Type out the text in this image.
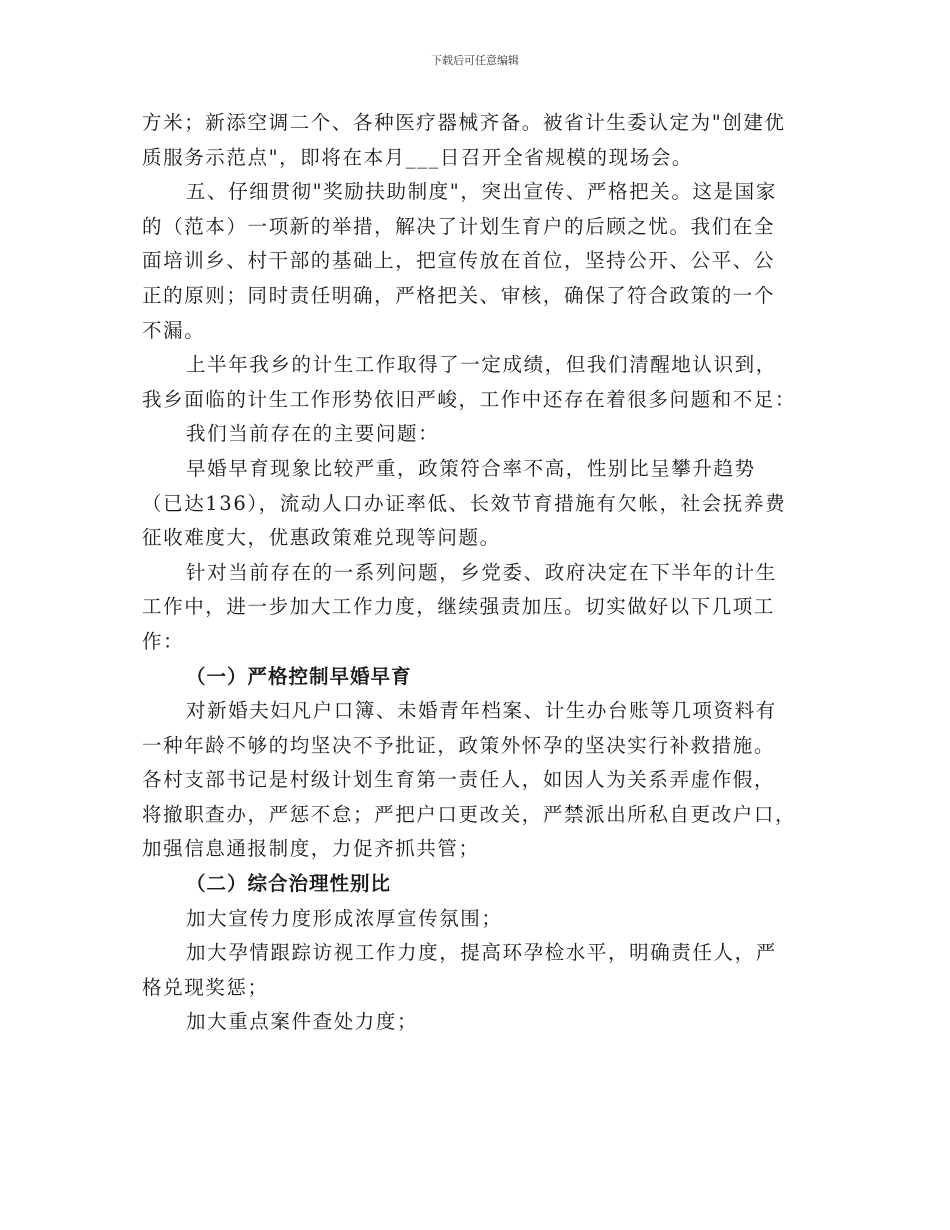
下载后可任意编辑

方米；新添空调二个、各种医疗器械齐备。被省计生委认定为"创建优
质服务示范点"，即将在本月___日召开全省规模的现场会。

五、仔细贯彻"奖励扶助制度"，突出宣传、严格把关。这是国家
的（范本）一项新的举措，解决了计划生育户的后顾之忧。我们在全
面培训乡、村干部的基础上，把宣传放在首位，坚持公开、公平、公
正的原则；同时责任明确，严格把关、审核，确保了符合政策的一个
不漏。

上半年我乡的计生工作取得了一定成绩，但我们清醒地认识到，
我乡面临的计生工作形势依旧严峻，工作中还存在着很多问题和不足：

我们当前存在的主要问题：

早婚早育现象比较严重，政策符合率不高，性别比呈攀升趋势
（已达136），流动人口办证率低、长效节育措施有欠帐，社会抚养费
征收难度大，优惠政策难兑现等问题。

针对当前存在的一系列问题，乡党委、政府决定在下半年的计生
工作中，进一步加大工作力度，继续强责加压。切实做好以下几项工
作：

（一）严格控制早婚早育

对新婚夫妇凡户口簿、未婚青年档案、计生办台账等几项资料有
一种年龄不够的均坚决不予批证，政策外怀孕的坚决实行补救措施。
各村支部书记是村级计划生育第一责任人，如因人为关系弄虚作假，
将撤职查办，严惩不怠；严把户口更改关，严禁派出所私自更改户口，
加强信息通报制度，力促齐抓共管；

（二）综合治理性别比

加大宣传力度形成浓厚宣传氛围；

加大孕情跟踪访视工作力度，提高环孕检水平，明确责任人，严
格兑现奖惩；

加大重点案件查处力度；
